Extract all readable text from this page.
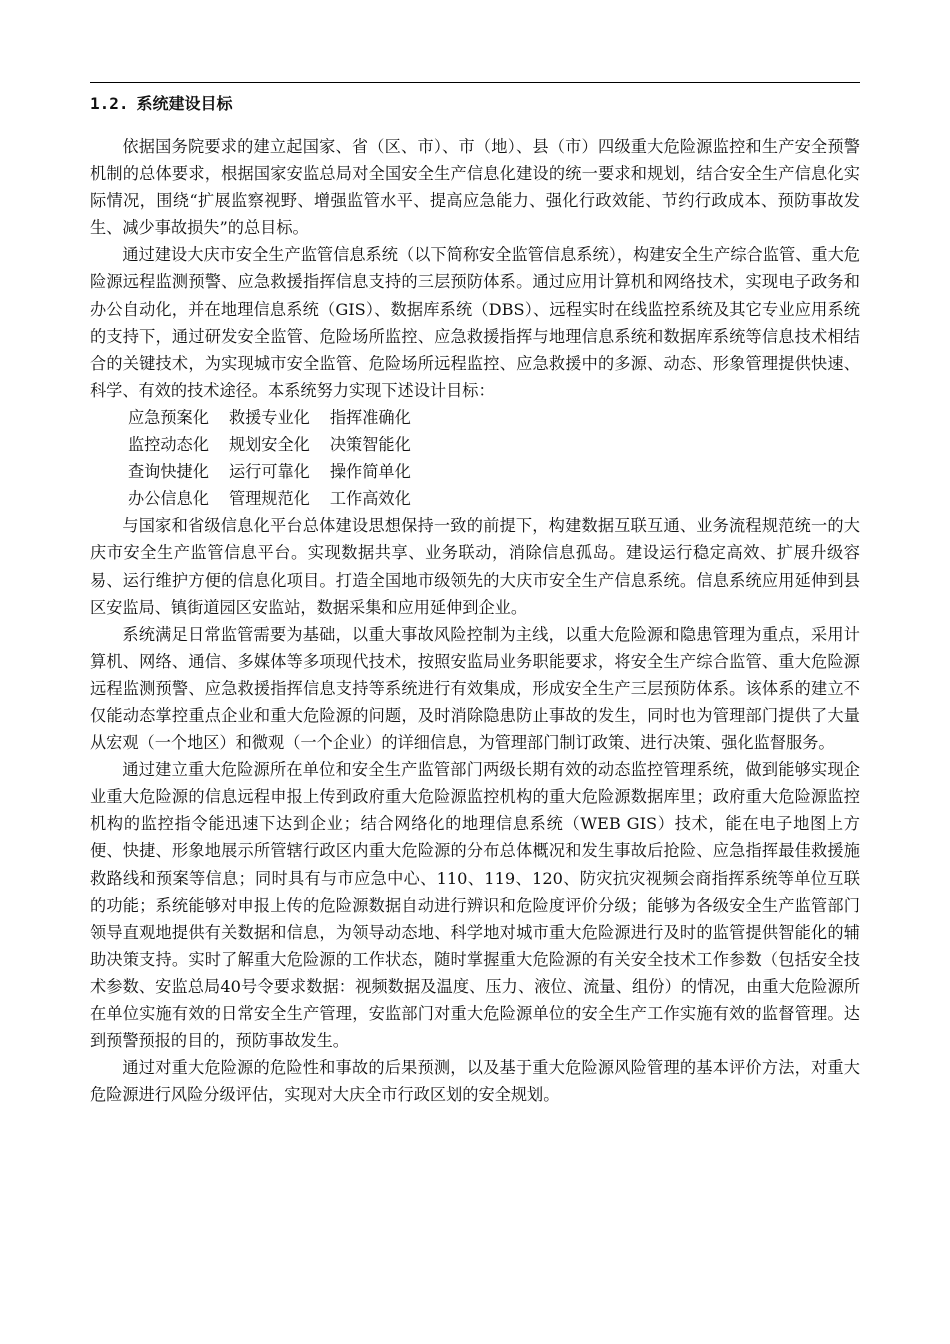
1.2. 系统建设目标

依据国务院要求的建立起国家、省（区、市）、市（地）、县（市）四级重大危险源监控和生产安全预警机制的总体要求，根据国家安监总局对全国安全生产信息化建设的统一要求和规划，结合安全生产信息化实际情况，围绕“扩展监察视野、增强监管水平、提高应急能力、强化行政效能、节约行政成本、预防事故发生、减少事故损失”的总目标。

通过建设大庆市安全生产监管信息系统（以下简称安全监管信息系统），构建安全生产综合监管、重大危险源远程监测预警、应急救援指挥信息支持的三层预防体系。通过应用计算机和网络技术，实现电子政务和办公自动化，并在地理信息系统（GIS）、数据库系统（DBS）、远程实时在线监控系统及其它专业应用系统的支持下，通过研发安全监管、危险场所监控、应急救援指挥与地理信息系统和数据库系统等信息技术相结合的关键技术，为实现城市安全监管、危险场所远程监控、应急救援中的多源、动态、形象管理提供快速、科学、有效的技术途径。本系统努力实现下述设计目标：

应急预案化 救援专业化 指挥准确化
监控动态化 规划安全化 决策智能化
查询快捷化 运行可靠化 操作简单化
办公信息化 管理规范化 工作高效化

与国家和省级信息化平台总体建设思想保持一致的前提下，构建数据互联互通、业务流程规范统一的大庆市安全生产监管信息平台。实现数据共享、业务联动，消除信息孤岛。建设运行稳定高效、扩展升级容易、运行维护方便的信息化项目。打造全国地市级领先的大庆市安全生产信息系统。信息系统应用延伸到县区安监局、镇街道园区安监站，数据采集和应用延伸到企业。

系统满足日常监管需要为基础，以重大事故风险控制为主线，以重大危险源和隐患管理为重点，采用计算机、网络、通信、多媒体等多项现代技术，按照安监局业务职能要求，将安全生产综合监管、重大危险源远程监测预警、应急救援指挥信息支持等系统进行有效集成，形成安全生产三层预防体系。该体系的建立不仅能动态掌控重点企业和重大危险源的问题，及时消除隐患防止事故的发生，同时也为管理部门提供了大量从宏观（一个地区）和微观（一个企业）的详细信息，为管理部门制订政策、进行决策、强化监督服务。

通过建立重大危险源所在单位和安全生产监管部门两级长期有效的动态监控管理系统，做到能够实现企业重大危险源的信息远程申报上传到政府重大危险源监控机构的重大危险源数据库里；政府重大危险源监控机构的监控指令能迅速下达到企业；结合网络化的地理信息系统（WEB GIS）技术，能在电子地图上方便、快捷、形象地展示所管辖行政区内重大危险源的分布总体概况和发生事故后抢险、应急指挥最佳救援施救路线和预案等信息；同时具有与市应急中心、110、119、120、防灾抗灾视频会商指挥系统等单位互联的功能；系统能够对申报上传的危险源数据自动进行辨识和危险度评价分级；能够为各级安全生产监管部门领导直观地提供有关数据和信息，为领导动态地、科学地对城市重大危险源进行及时的监管提供智能化的辅助决策支持。实时了解重大危险源的工作状态，随时掌握重大危险源的有关安全技术工作参数（包括安全技术参数、安监总局40号令要求数据：视频数据及温度、压力、液位、流量、组份）的情况，由重大危险源所在单位实施有效的日常安全生产管理，安监部门对重大危险源单位的安全生产工作实施有效的监督管理。达到预警预报的目的，预防事故发生。

通过对重大危险源的危险性和事故的后果预测，以及基于重大危险源风险管理的基本评价方法，对重大危险源进行风险分级评估，实现对大庆全市行政区划的安全规划。
